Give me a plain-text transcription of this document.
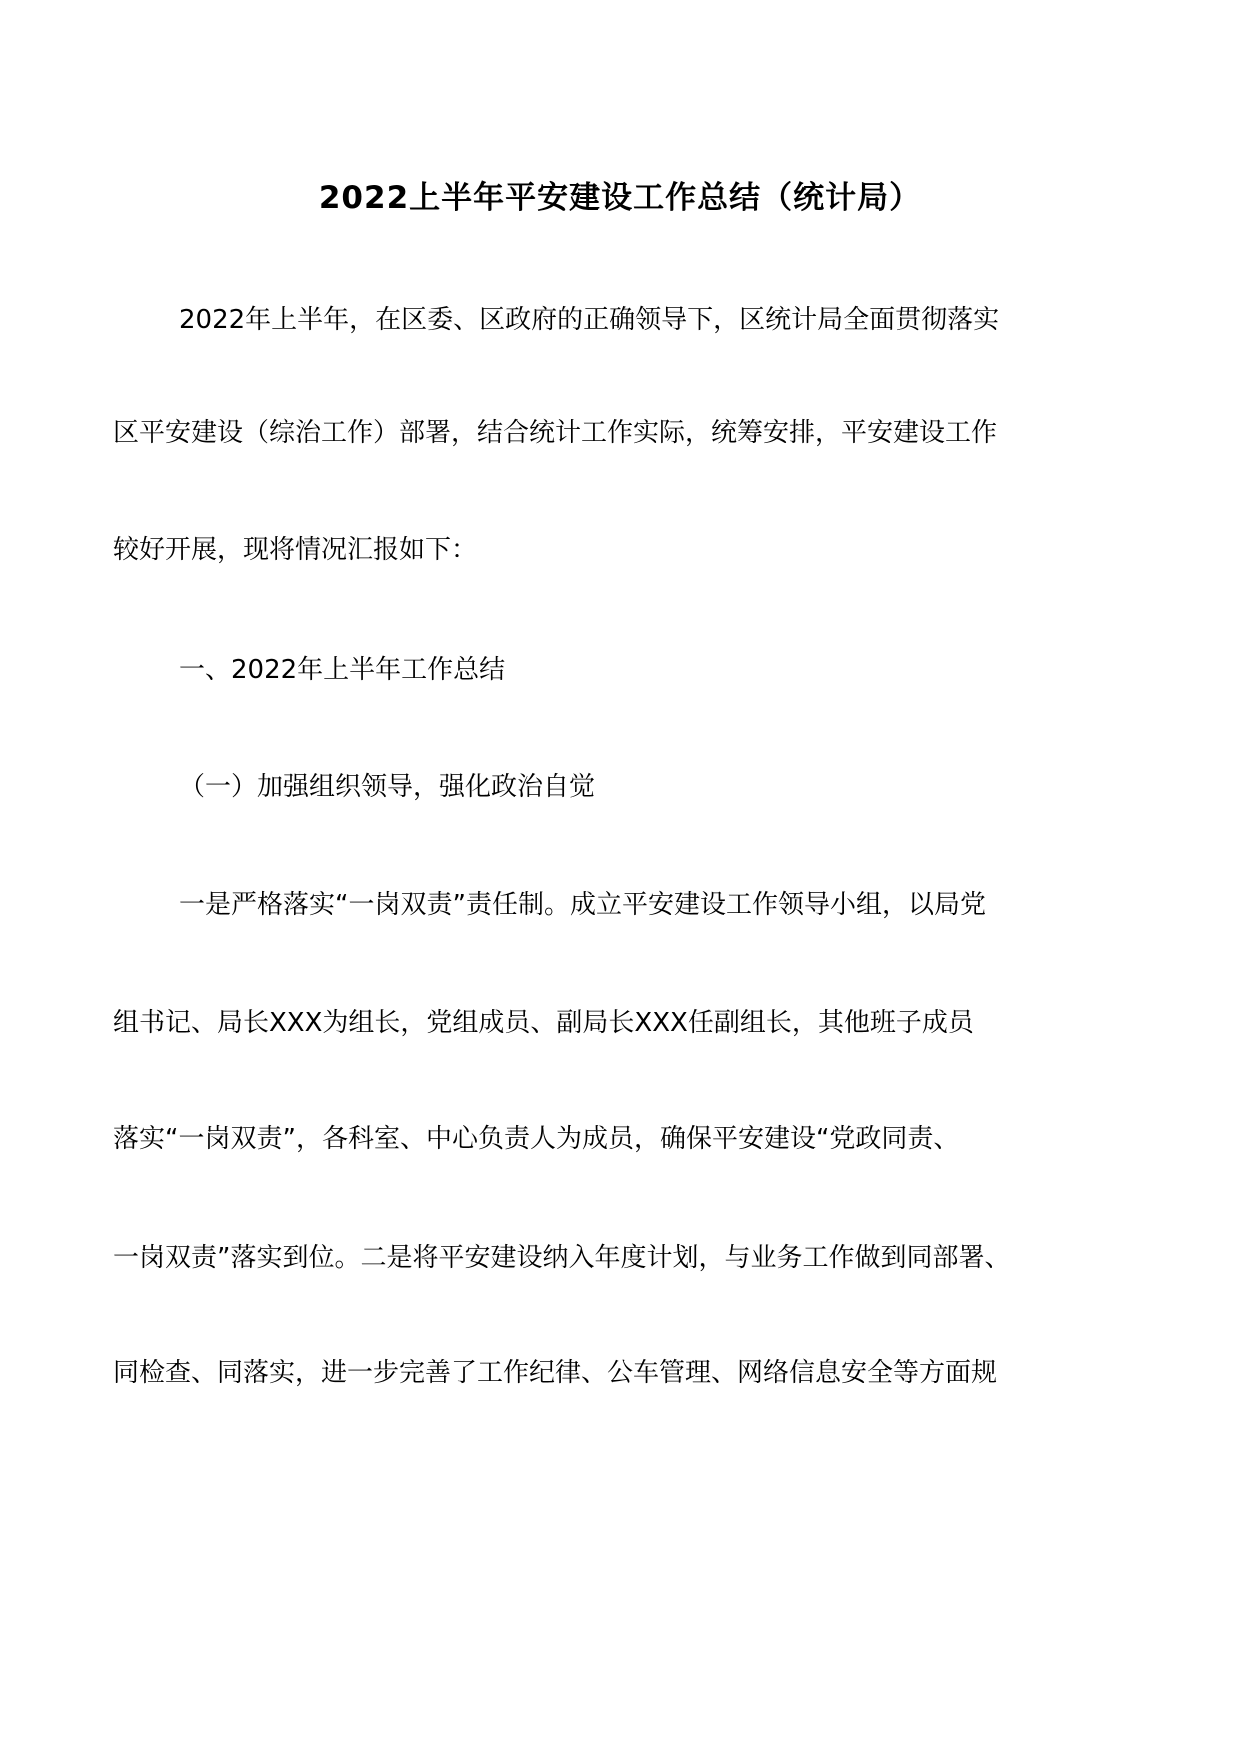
2022上半年平安建设工作总结（统计局）
2022年上半年，在区委、区政府的正确领导下，区统计局全面贯彻落实
区平安建设（综治工作）部署，结合统计工作实际，统筹安排，平安建设工作
较好开展，现将情况汇报如下：
一、2022年上半年工作总结
（一）加强组织领导，强化政治自觉
一是严格落实“一岗双责”责任制。成立平安建设工作领导小组，以局党
组书记、局长XXX为组长，党组成员、副局长XXX任副组长，其他班子成员
落实“一岗双责”，各科室、中心负责人为成员，确保平安建设“党政同责、
一岗双责”落实到位。二是将平安建设纳入年度计划，与业务工作做到同部署、
同检查、同落实，进一步完善了工作纪律、公车管理、网络信息安全等方面规
